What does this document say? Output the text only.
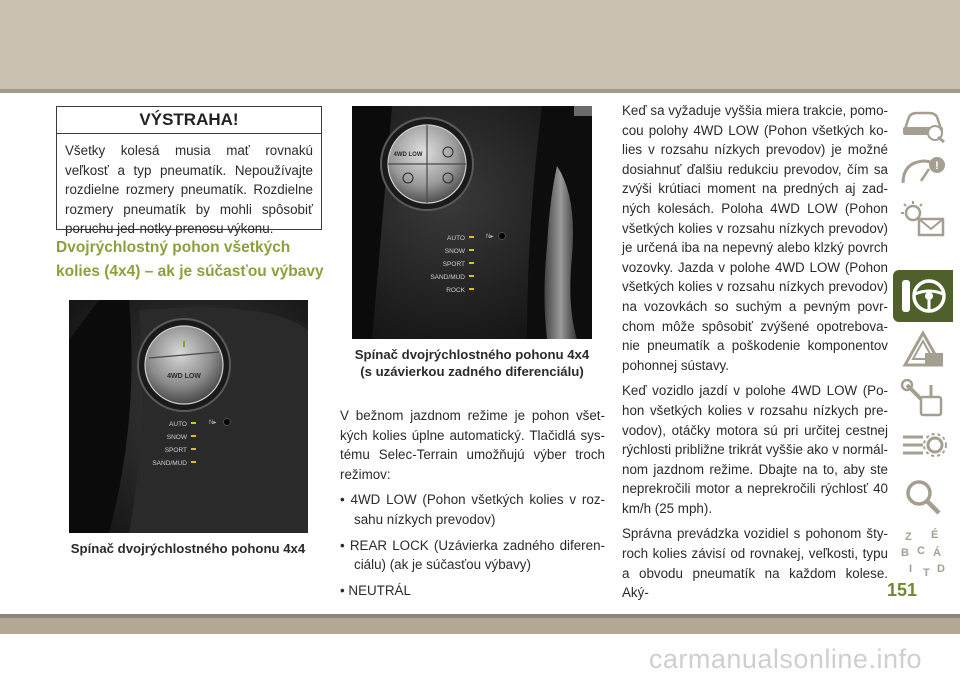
VÝSTRAHA!
Všetky kolesá musia mať rovnakú veľkosť a typ pneumatík. Nepoužívajte rozdielne rozmery pneumatík. Rozdielne rozmery pneumatík by mohli spôsobiť poruchu jed-notky prenosu výkonu.
Dvojrýchlostný pohon všetkých kolies (4x4) – ak je súčasťou výbavy
4WD LOW
AUTO
SNOW
SPORT
SAND/MUD
N▸
Spínač dvojrýchlostného pohonu 4x4
4WD LOW
AUTO
SNOW
SPORT
SAND/MUD
ROCK
N▸
Spínač dvojrýchlostného pohonu 4x4 (s uzávierkou zadného diferenciálu)

V bežnom jazdnom režime je pohon všet-kých kolies úplne automatický. Tlačidlá sys-tému Selec-Terrain umožňujú výber troch režimov:

• 4WD LOW (Pohon všetkých kolies v roz-sahu nízkych prevodov)

• REAR LOCK (Uzávierka zadného diferen-ciálu) (ak je súčasťou výbavy)

• NEUTRÁL

Keď sa vyžaduje vyššia miera trakcie, pomo-cou polohy 4WD LOW (Pohon všetkých ko-lies v rozsahu nízkych prevodov) je možné dosiahnuť ďalšiu redukciu prevodov, čím sa zvýši krútiaci moment na predných aj zad-ných kolesách. Poloha 4WD LOW (Pohon všetkých kolies v rozsahu nízkych prevodov) je určená iba na nepevný alebo klzký povrch vozovky. Jazda v polohe 4WD LOW (Pohon všetkých kolies v rozsahu nízkych prevodov) na vozovkách so suchým a pevným povr-chom môže spôsobiť zvýšené opotrebova-nie pneumatík a poškodenie komponentov pohonnej sústavy.

Keď vozidlo jazdí v polohe 4WD LOW (Po-hon všetkých kolies v rozsahu nízkych pre-vodov), otáčky motora sú pri určitej cestnej rýchlosti približne trikrát vyššie ako v normál-nom jazdnom režime. Dbajte na to, aby ste neprekročili motor a neprekročili rýchlosť 40 km/h (25 mph).

Správna prevádzka vozidiel s pohonom šty-roch kolies závisí od rovnakej, veľkosti, typu a obvodu pneumatík na každom kolese. Aký-

!
Z É
B C Á
I T D
151
carmanualsonline.info
